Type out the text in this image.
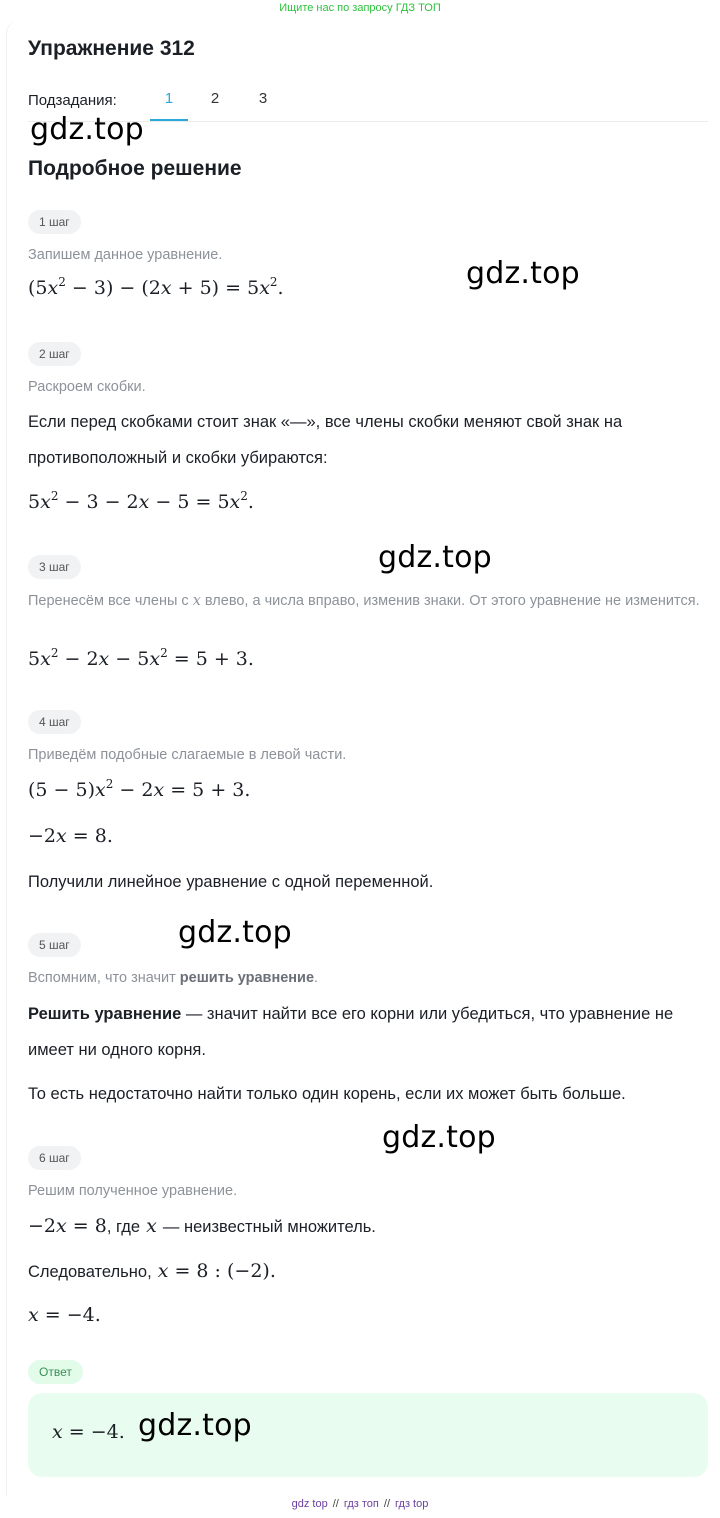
Ищите нас по запросу ГДЗ ТОП
Упражнение 312
Подзадания:	1	2	3
gdz.top
Подробное решение
1 шаг
Запишем данное уравнение.
$(5x^2 - 3) - (2x + 5) = 5x^2$.	gdz.top
2 шаг
Раскроем скобки.
Если перед скобками стоит знак «—», все члены скобки меняют свой знак на противоположный и скобки убираются:
$5x^2 - 3 - 2x - 5 = 5x^2$.
gdz.top
3 шаг
Перенесём все члены с x влево, а числа вправо, изменив знаки. От этого уравнение не изменится.
$5x^2 - 2x - 5x^2 = 5 + 3$.
4 шаг
Приведём подобные слагаемые в левой части.
$(5 - 5)x^2 - 2x = 5 + 3$.
−2x = 8.
Получили линейное уравнение с одной переменной.
gdz.top
5 шаг
Вспомним, что значит решить уравнение.
Решить уравнение — значит найти все его корни или убедиться, что уравнение не имеет ни одного корня.
То есть недостаточно найти только один корень, если их может быть больше.
gdz.top
6 шаг
Решим полученное уравнение.
−2x = 8, где x — неизвестный множитель.
Следовательно, x = 8 : (−2).
x = −4.
Ответ
x = −4. gdz.top
gdz top // гдз топ // гдз top
